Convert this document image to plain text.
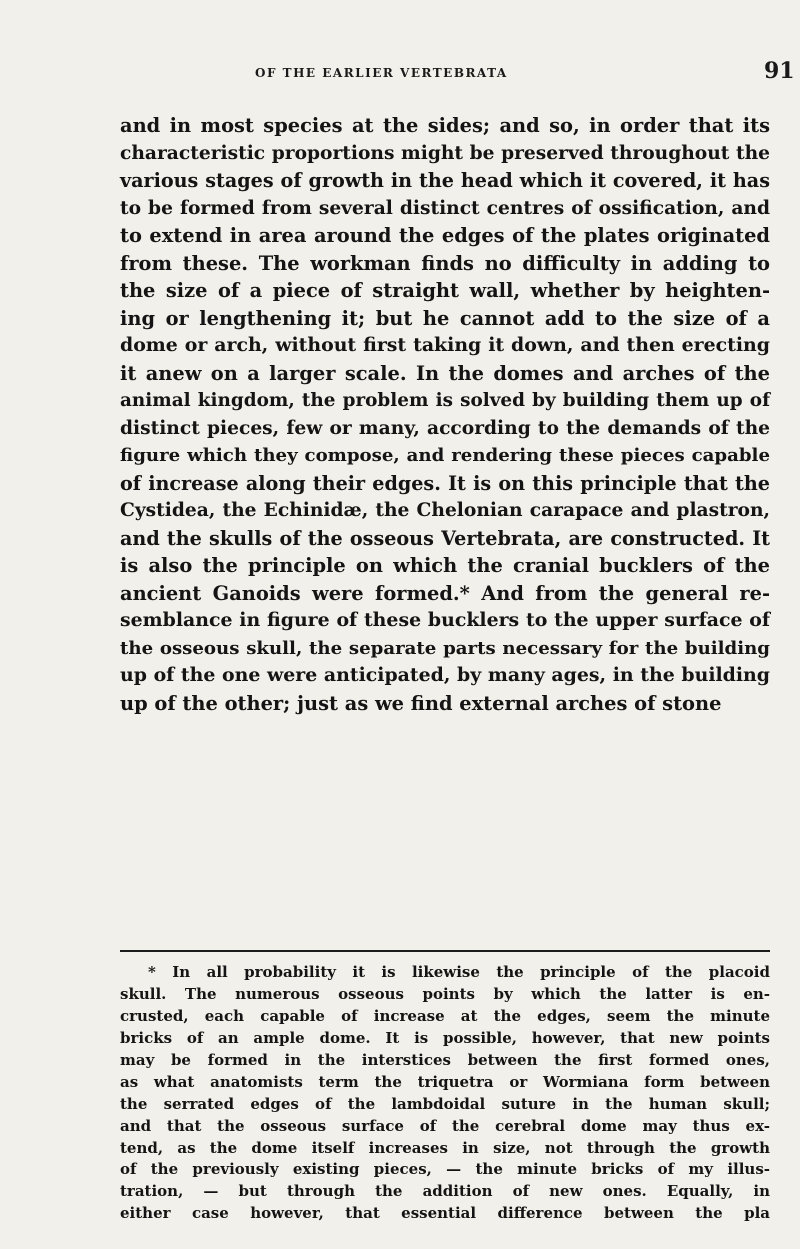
OF THE EARLIER VERTEBRATA	91
and in most species at the sides; and so, in order that its
characteristic proportions might be preserved throughout the
various stages of growth in the head which it covered, it has
to be formed from several distinct centres of ossification, and
to extend in area around the edges of the plates originated
from these. The workman finds no difficulty in adding to
the size of a piece of straight wall, whether by heighten-
ing or lengthening it; but he cannot add to the size of a
dome or arch, without first taking it down, and then erecting
it anew on a larger scale. In the domes and arches of the
animal kingdom, the problem is solved by building them up of
distinct pieces, few or many, according to the demands of the
figure which they compose, and rendering these pieces capable
of increase along their edges. It is on this principle that the
Cystidea, the Echinidæ, the Chelonian carapace and plastron,
and the skulls of the osseous Vertebrata, are constructed. It
is also the principle on which the cranial bucklers of the
ancient Ganoids were formed.* And from the general re-
semblance in figure of these bucklers to the upper surface of
the osseous skull, the separate parts necessary for the building
up of the one were anticipated, by many ages, in the building
up of the other; just as we find external arches of stone
* In all probability it is likewise the principle of the placoid
skull. The numerous osseous points by which the latter is en-
crusted, each capable of increase at the edges, seem the minute
bricks of an ample dome. It is possible, however, that new points
may be formed in the interstices between the first formed ones,
as what anatomists term the triquetra or Wormiana form between
the serrated edges of the lambdoidal suture in the human skull;
and that the osseous surface of the cerebral dome may thus ex-
tend, as the dome itself increases in size, not through the growth
of the previously existing pieces, — the minute bricks of my illus-
tration, — but through the addition of new ones. Equally, in
either case however, that essential difference between the pla
